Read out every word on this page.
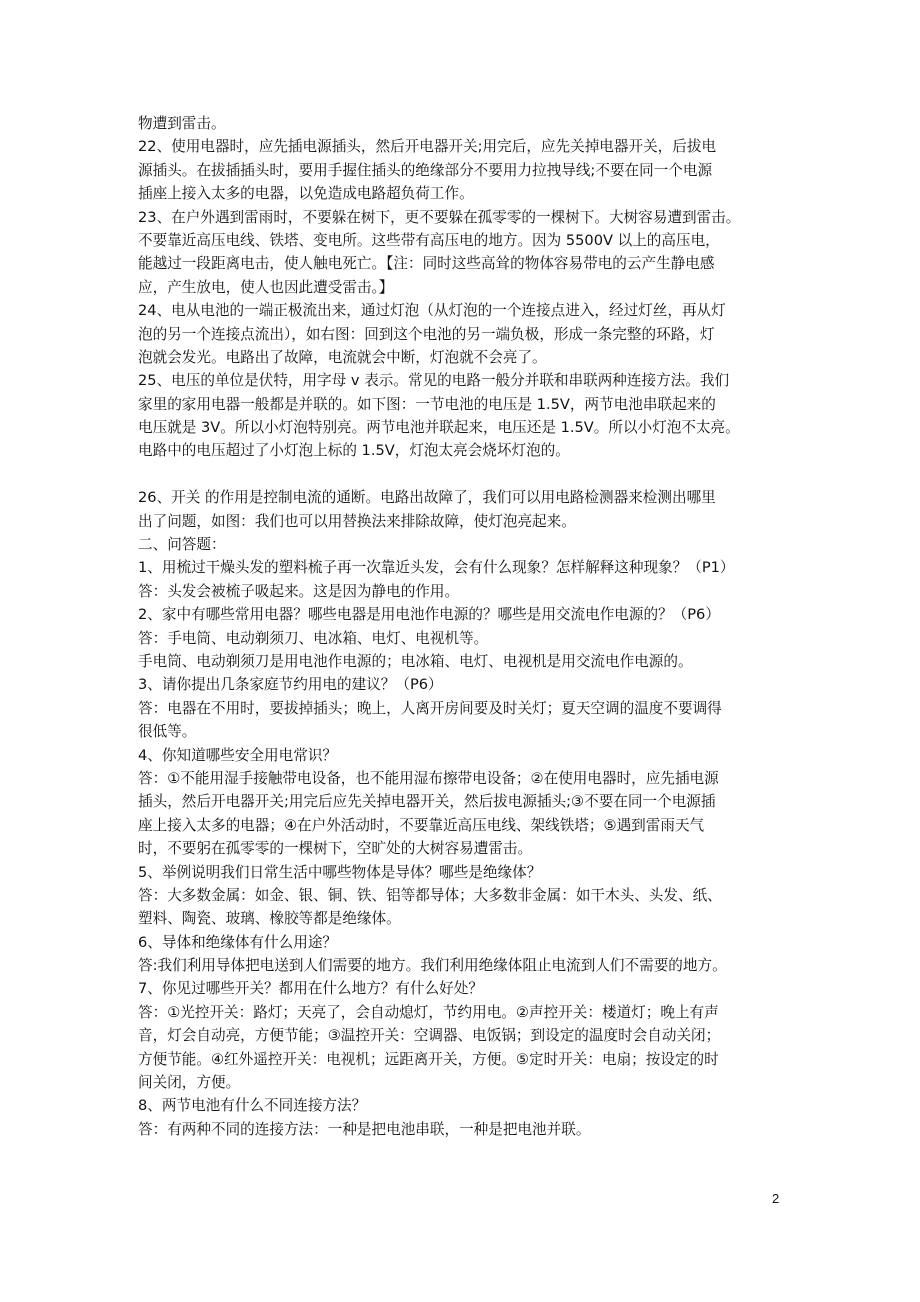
物遭到雷击。
22、使用电器时，应先插电源插头，然后开电器开关;用完后，应先关掉电器开关，后拔电
源插头。在拔插插头时，要用手握住插头的绝缘部分不要用力拉拽导线;不要在同一个电源
插座上接入太多的电器，以免造成电路超负荷工作。
23、在户外遇到雷雨时，不要躲在树下，更不要躲在孤零零的一棵树下。大树容易遭到雷击。
不要靠近高压电线、铁塔、变电所。这些带有高压电的地方。因为 5500V 以上的高压电，
能越过一段距离电击，使人触电死亡。【注：同时这些高耸的物体容易带电的云产生静电感
应，产生放电，使人也因此遭受雷击。】
24、电从电池的一端正极流出来，通过灯泡（从灯泡的一个连接点进入，经过灯丝，再从灯
泡的另一个连接点流出），如右图：回到这个电池的另一端负极，形成一条完整的环路，灯
泡就会发光。电路出了故障，电流就会中断，灯泡就不会亮了。
25、电压的单位是伏特，用字母 v 表示。常见的电路一般分并联和串联两种连接方法。我们
家里的家用电器一般都是并联的。如下图：一节电池的电压是 1.5V，两节电池串联起来的
电压就是 3V。所以小灯泡特别亮。两节电池并联起来，电压还是 1.5V。所以小灯泡不太亮。
电路中的电压超过了小灯泡上标的 1.5V，灯泡太亮会烧坏灯泡的。
26、开关 的作用是控制电流的通断。电路出故障了，我们可以用电路检测器来检测出哪里
出了问题，如图：我们也可以用替换法来排除故障，使灯泡亮起来。
二、问答题：
1、用梳过干燥头发的塑料梳子再一次靠近头发，会有什么现象？怎样解释这种现象？（P1）
答：头发会被梳子吸起来。这是因为静电的作用。
2、家中有哪些常用电器？哪些电器是用电池作电源的？哪些是用交流电作电源的？（P6）
答：手电筒、电动剃须刀、电冰箱、电灯、电视机等。
手电筒、电动剃须刀是用电池作电源的；电冰箱、电灯、电视机是用交流电作电源的。
3、请你提出几条家庭节约用电的建议？（P6）
答：电器在不用时，要拔掉插头；晚上，人离开房间要及时关灯；夏天空调的温度不要调得
很低等。
4、你知道哪些安全用电常识？
答：①不能用湿手接触带电设备，也不能用湿布擦带电设备；②在使用电器时，应先插电源
插头，然后开电器开关;用完后应先关掉电器开关，然后拔电源插头;③不要在同一个电源插
座上接入太多的电器；④在户外活动时，不要靠近高压电线、架线铁塔；⑤遇到雷雨天气
时，不要躬在孤零零的一棵树下，空旷处的大树容易遭雷击。
5、举例说明我们日常生活中哪些物体是导体？哪些是绝缘体？
答：大多数金属：如金、银、铜、铁、铝等都导体；大多数非金属：如干木头、头发、纸、
塑料、陶瓷、玻璃、橡胶等都是绝缘体。
6、导体和绝缘体有什么用途？
答:我们利用导体把电送到人们需要的地方。我们利用绝缘体阻止电流到人们不需要的地方。
7、你见过哪些开关？都用在什么地方？有什么好处？
答：①光控开关：路灯；天亮了，会自动熄灯，节约用电。②声控开关：楼道灯；晚上有声
音，灯会自动亮，方便节能；③温控开关：空调器、电饭锅；到设定的温度时会自动关闭；
方便节能。④红外遥控开关：电视机；远距离开关，方便。⑤定时开关：电扇；按设定的时
间关闭，方便。
8、两节电池有什么不同连接方法？
答：有两种不同的连接方法：一种是把电池串联，一种是把电池并联。
2
